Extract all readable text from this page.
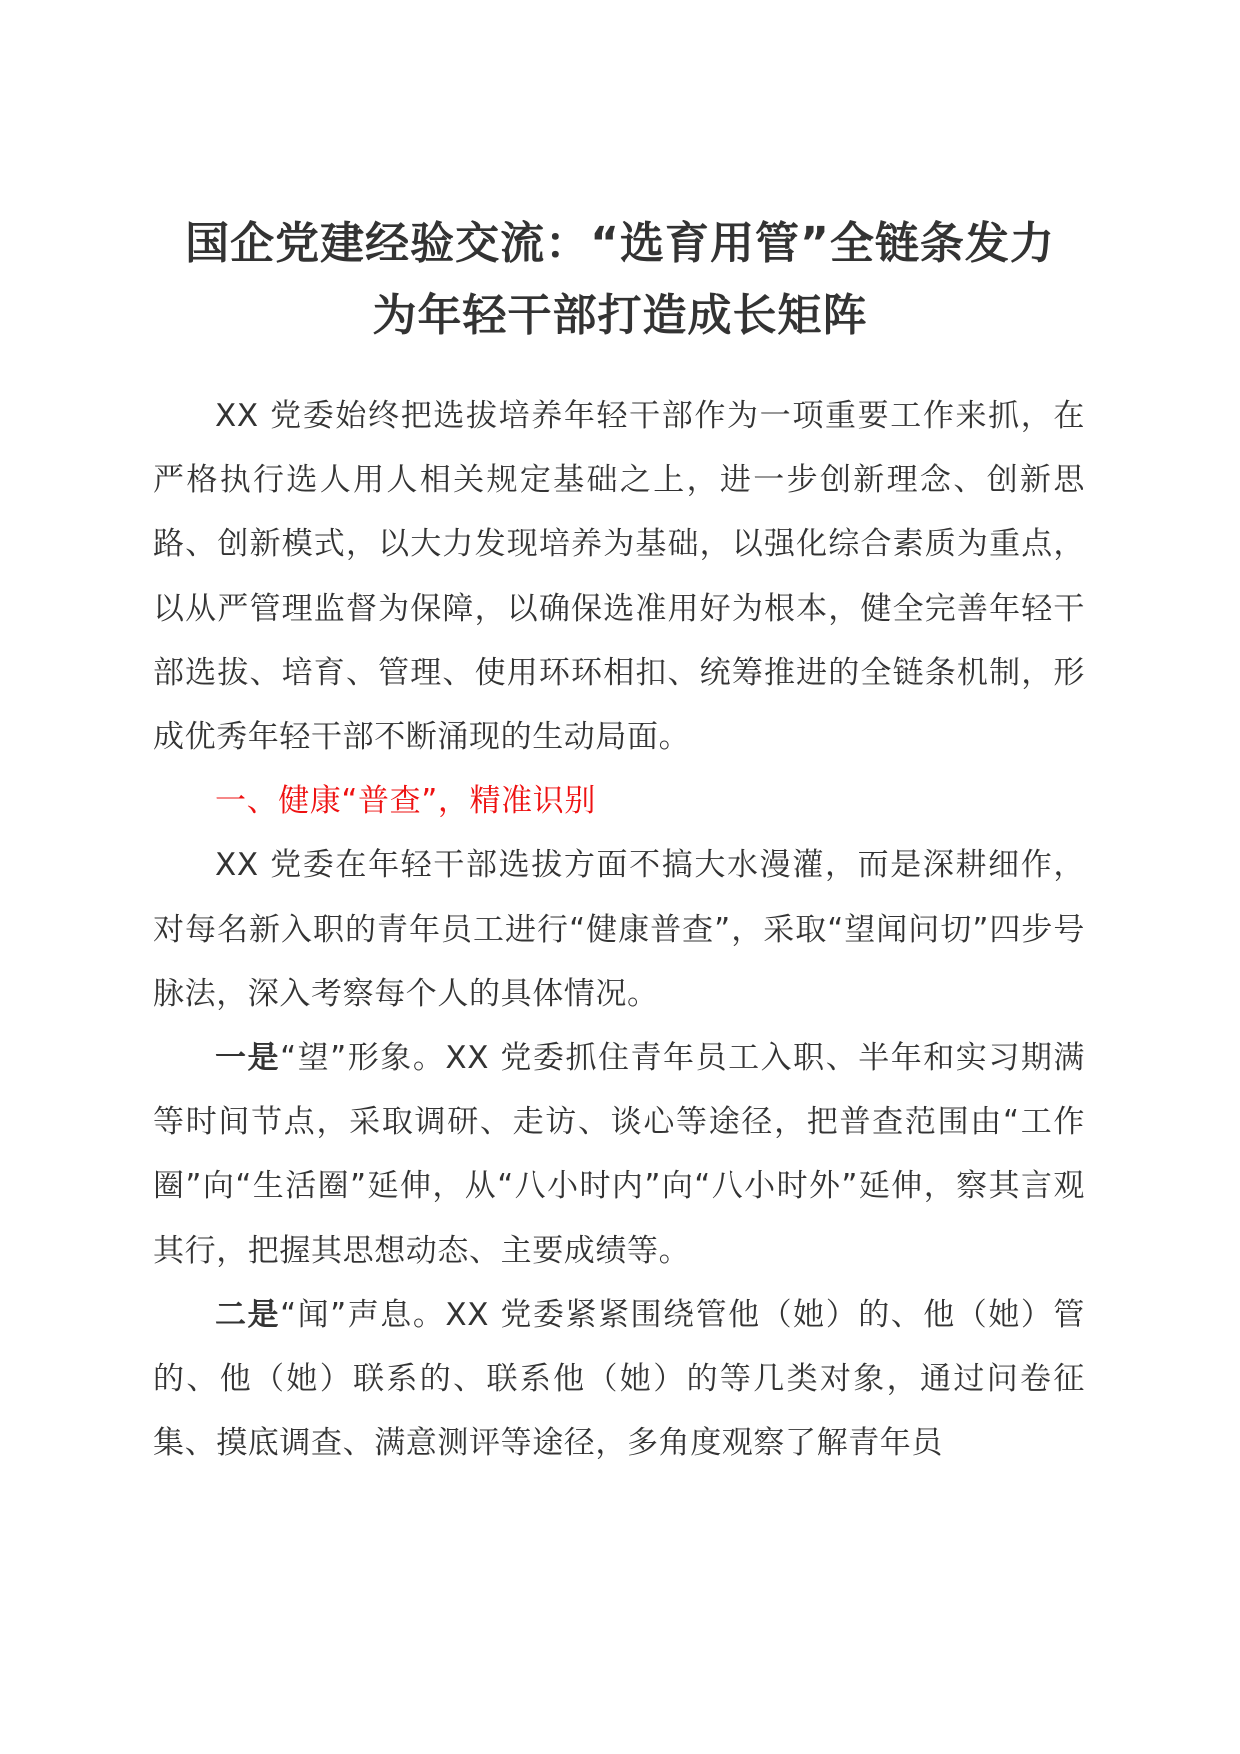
国企党建经验交流：“选育用管”全链条发力
为年轻干部打造成长矩阵

XX 党委始终把选拔培养年轻干部作为一项重要工作来抓，在严格执行选人用人相关规定基础之上，进一步创新理念、创新思路、创新模式，以大力发现培养为基础，以强化综合素质为重点，以从严管理监督为保障，以确保选准用好为根本，健全完善年轻干部选拔、培育、管理、使用环环相扣、统筹推进的全链条机制，形成优秀年轻干部不断涌现的生动局面。

一、健康“普查”，精准识别

XX 党委在年轻干部选拔方面不搞大水漫灌，而是深耕细作，对每名新入职的青年员工进行“健康普查”，采取“望闻问切”四步号脉法，深入考察每个人的具体情况。

一是“望”形象。XX 党委抓住青年员工入职、半年和实习期满等时间节点，采取调研、走访、谈心等途径，把普查范围由“工作圈”向“生活圈”延伸，从“八小时内”向“八小时外”延伸，察其言观其行，把握其思想动态、主要成绩等。

二是“闻”声息。XX 党委紧紧围绕管他（她）的、他（她）管的、他（她）联系的、联系他（她）的等几类对象，通过问卷征集、摸底调查、满意测评等途径，多角度观察了解青年员
